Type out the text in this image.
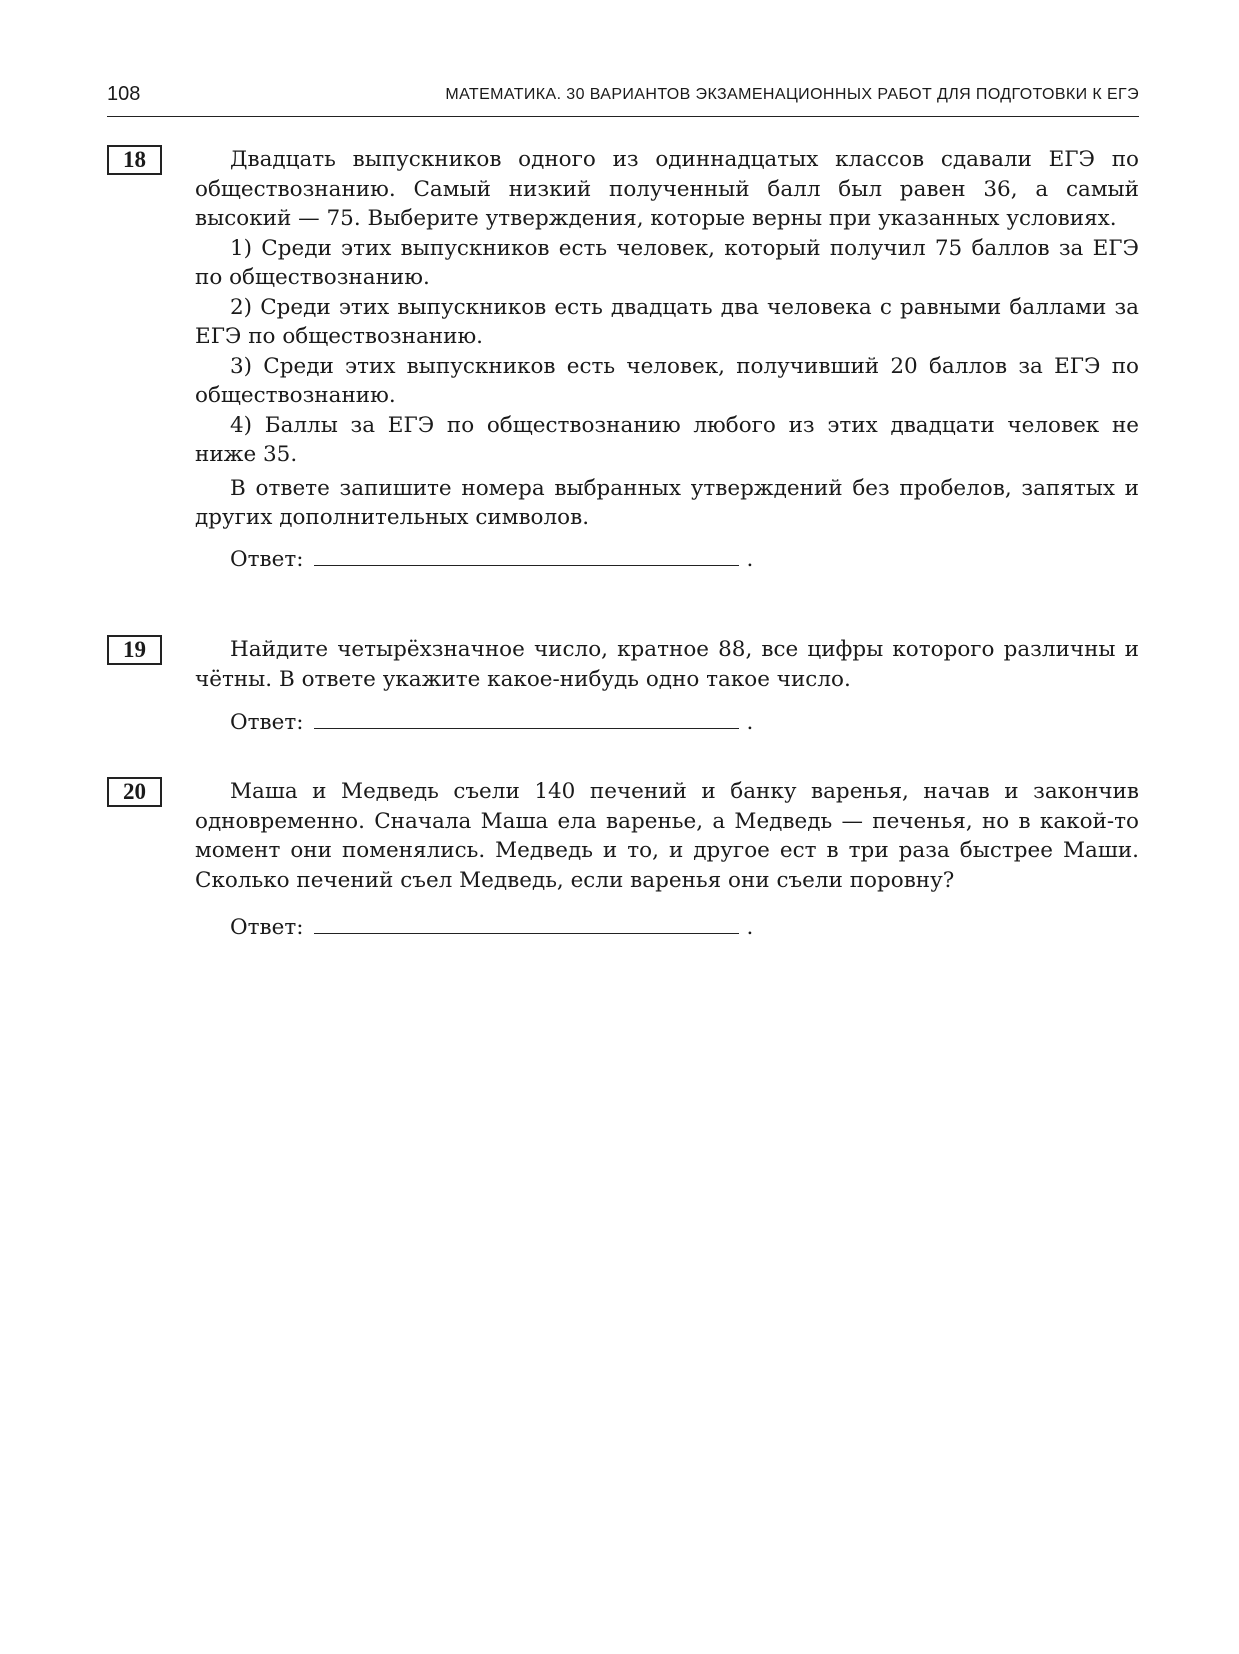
108	МАТЕМАТИКА. 30 ВАРИАНТОВ ЭКЗАМЕНАЦИОННЫХ РАБОТ ДЛЯ ПОДГОТОВКИ К ЕГЭ
18	Двадцать выпускников одного из одиннадцатых классов сдавали ЕГЭ по обществознанию. Самый низкий полученный балл был равен 36, а самый высокий — 75. Выберите утверждения, которые верны при указанных условиях.

1) Среди этих выпускников есть человек, который получил 75 баллов за ЕГЭ по обществознанию.

2) Среди этих выпускников есть двадцать два человека с равными баллами за ЕГЭ по обществознанию.

3) Среди этих выпускников есть человек, получивший 20 баллов за ЕГЭ по обществознанию.

4) Баллы за ЕГЭ по обществознанию любого из этих двадцати человек не ниже 35.

В ответе запишите номера выбранных утверждений без пробелов, запятых и других дополнительных символов.

Ответ:	.
19	Найдите четырёхзначное число, кратное 88, все цифры которого различны и чётны. В ответе укажите какое-нибудь одно такое число.

Ответ:	.
20	Маша и Медведь съели 140 печений и банку варенья, начав и закончив одновременно. Сначала Маша ела варенье, а Медведь — печенья, но в какой-то момент они поменялись. Медведь и то, и другое ест в три раза быстрее Маши. Сколько печений съел Медведь, если варенья они съели поровну?

Ответ:	.
